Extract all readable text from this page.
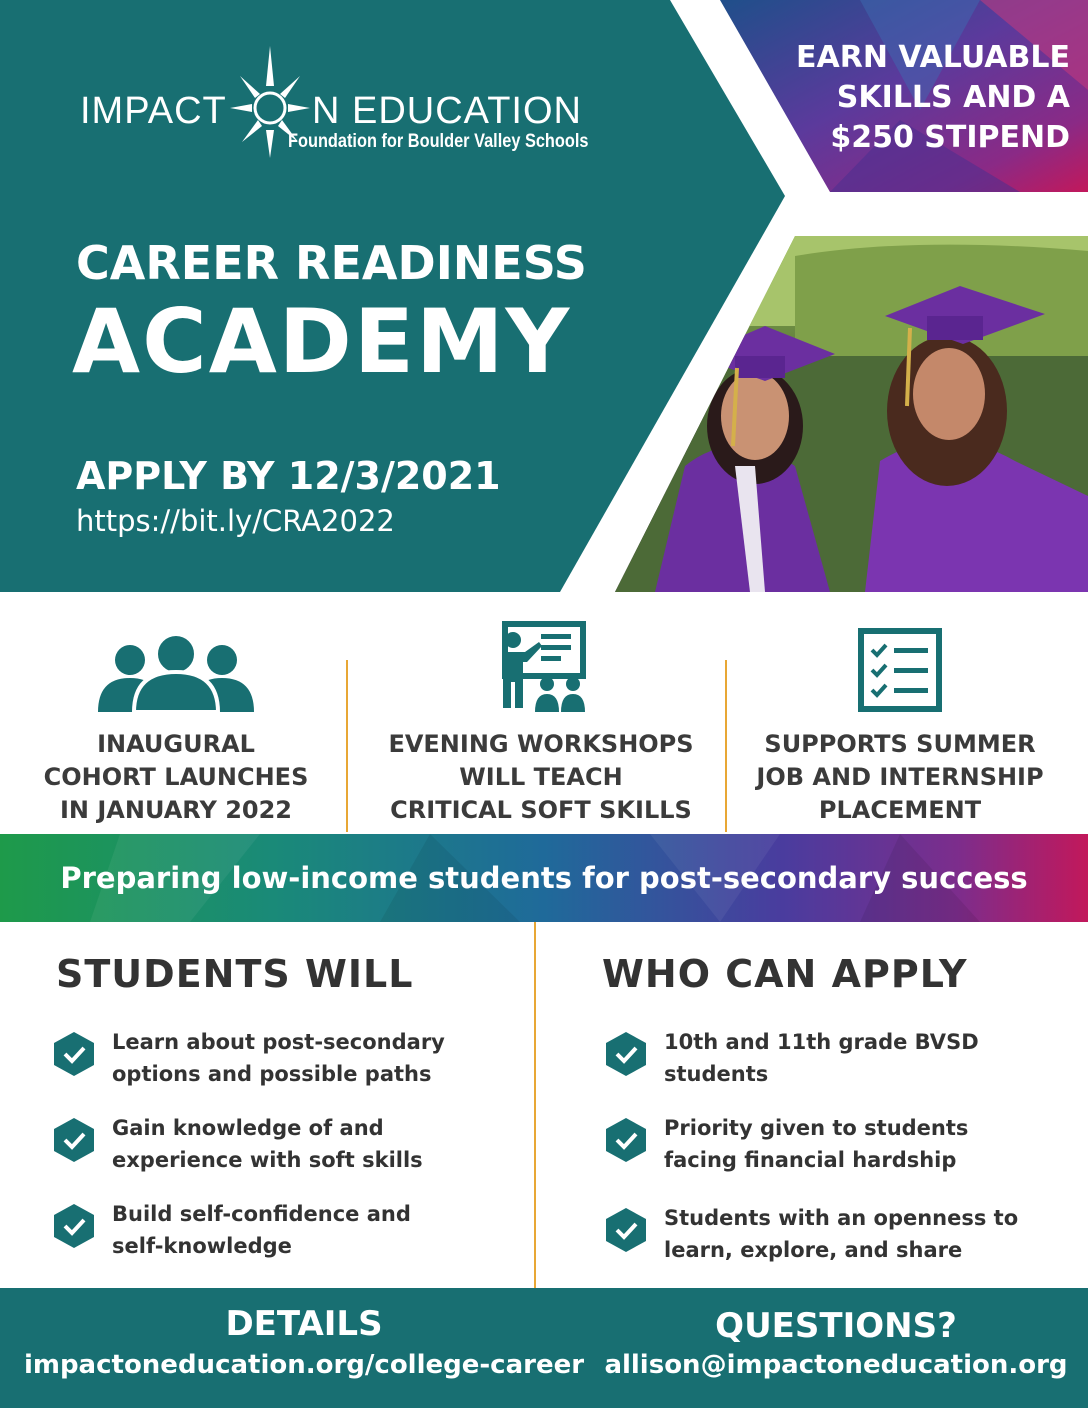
IMPACT N EDUCATION
Foundation for Boulder Valley Schools
EARN VALUABLE
SKILLS AND A
$250 STIPEND
CAREER READINESS
ACADEMY
APPLY BY 12/3/2021
https://bit.ly/CRA2022
INAUGURAL
COHORT LAUNCHES
IN JANUARY 2022
EVENING WORKSHOPS
WILL TEACH
CRITICAL SOFT SKILLS
SUPPORTS SUMMER
JOB AND INTERNSHIP
PLACEMENT
Preparing low-income students for post-secondary success
STUDENTS WILL	WHO CAN APPLY
Learn about post-secondary
options and possible paths
Gain knowledge of and
experience with soft skills
Build self-confidence and
self-knowledge
10th and 11th grade BVSD
students
Priority given to students
facing financial hardship
Students with an openness to
learn, explore, and share
DETAILS
impactoneducation.org/college-career
QUESTIONS?
allison@impactoneducation.org
